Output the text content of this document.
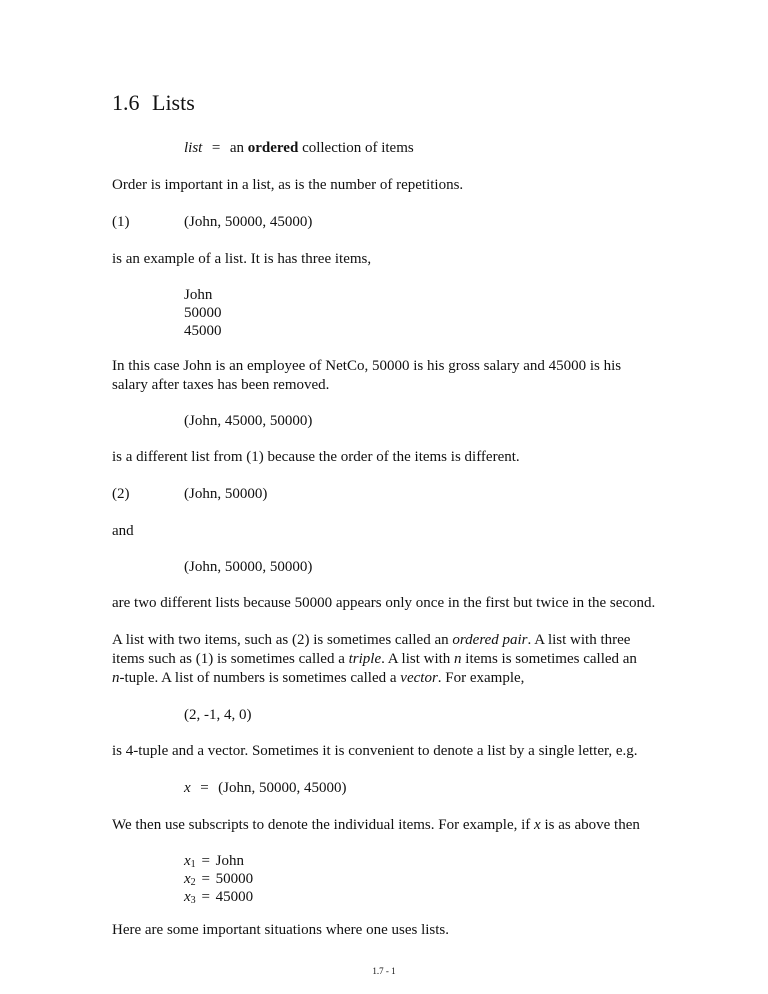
1.6 Lists
list = an ordered collection of items
Order is important in a list, as is the number of repetitions.
(1)	(John, 50000, 45000)
is an example of a list. It is has three items,
John
50000
45000
In this case John is an employee of NetCo, 50000 is his gross salary and 45000 is his
salary after taxes has been removed.
(John, 45000, 50000)
is a different list from (1) because the order of the items is different.
(2)	(John, 50000)
and
(John, 50000, 50000)
are two different lists because 50000 appears only once in the first but twice in the second.
A list with two items, such as (2) is sometimes called an ordered pair. A list with three
items such as (1) is sometimes called a triple. A list with n items is sometimes called an
n-tuple. A list of numbers is sometimes called a vector. For example,
(2, -1, 4, 0)
is 4-tuple and a vector. Sometimes it is convenient to denote a list by a single letter, e.g.
x = (John, 50000, 45000)
We then use subscripts to denote the individual items. For example, if x is as above then
$x_1$ = John
$x_2 = 50000$
$x_3 = 45000$
Here are some important situations where one uses lists.
1.7 - 1
